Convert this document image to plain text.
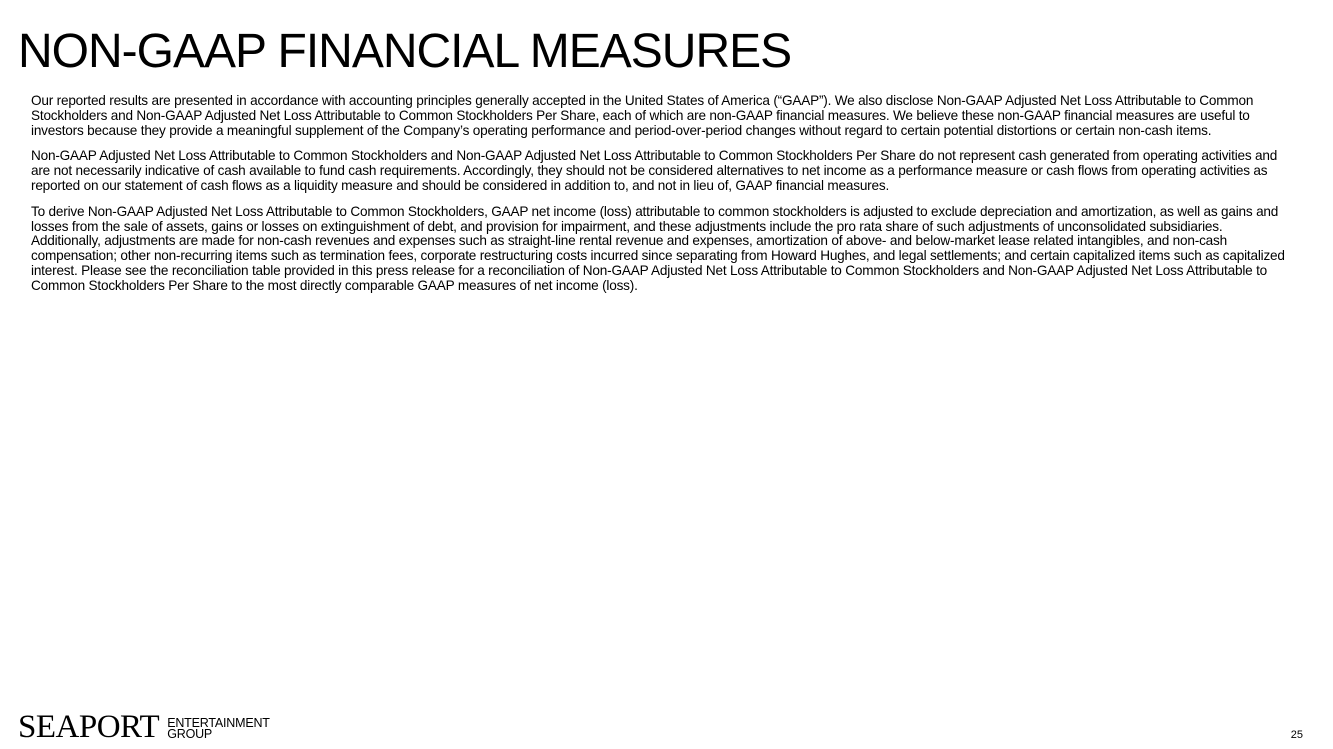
NON-GAAP FINANCIAL MEASURES

Our reported results are presented in accordance with accounting principles generally accepted in the United States of America (“GAAP”). We also disclose Non-GAAP Adjusted Net Loss Attributable to Common Stockholders and Non-GAAP Adjusted Net Loss Attributable to Common Stockholders Per Share, each of which are non-GAAP financial measures. We believe these non-GAAP financial measures are useful to investors because they provide a meaningful supplement of the Company’s operating performance and period-over-period changes without regard to certain potential distortions or certain non-cash items.

Non-GAAP Adjusted Net Loss Attributable to Common Stockholders and Non-GAAP Adjusted Net Loss Attributable to Common Stockholders Per Share do not represent cash generated from operating activities and are not necessarily indicative of cash available to fund cash requirements. Accordingly, they should not be considered alternatives to net income as a performance measure or cash flows from operating activities as reported on our statement of cash flows as a liquidity measure and should be considered in addition to, and not in lieu of, GAAP financial measures.

To derive Non-GAAP Adjusted Net Loss Attributable to Common Stockholders, GAAP net income (loss) attributable to common stockholders is adjusted to exclude depreciation and amortization, as well as gains and losses from the sale of assets, gains or losses on extinguishment of debt, and provision for impairment, and these adjustments include the pro rata share of such adjustments of unconsolidated subsidiaries. Additionally, adjustments are made for non-cash revenues and expenses such as straight-line rental revenue and expenses, amortization of above- and below-market lease related intangibles, and non-cash compensation; other non-recurring items such as termination fees, corporate restructuring costs incurred since separating from Howard Hughes, and legal settlements; and certain capitalized items such as capitalized interest. Please see the reconciliation table provided in this press release for a reconciliation of Non-GAAP Adjusted Net Loss Attributable to Common Stockholders and Non-GAAP Adjusted Net Loss Attributable to Common Stockholders Per Share to the most directly comparable GAAP measures of net income (loss).

SEAPORT ENTERTAINMENT
GROUP	25
